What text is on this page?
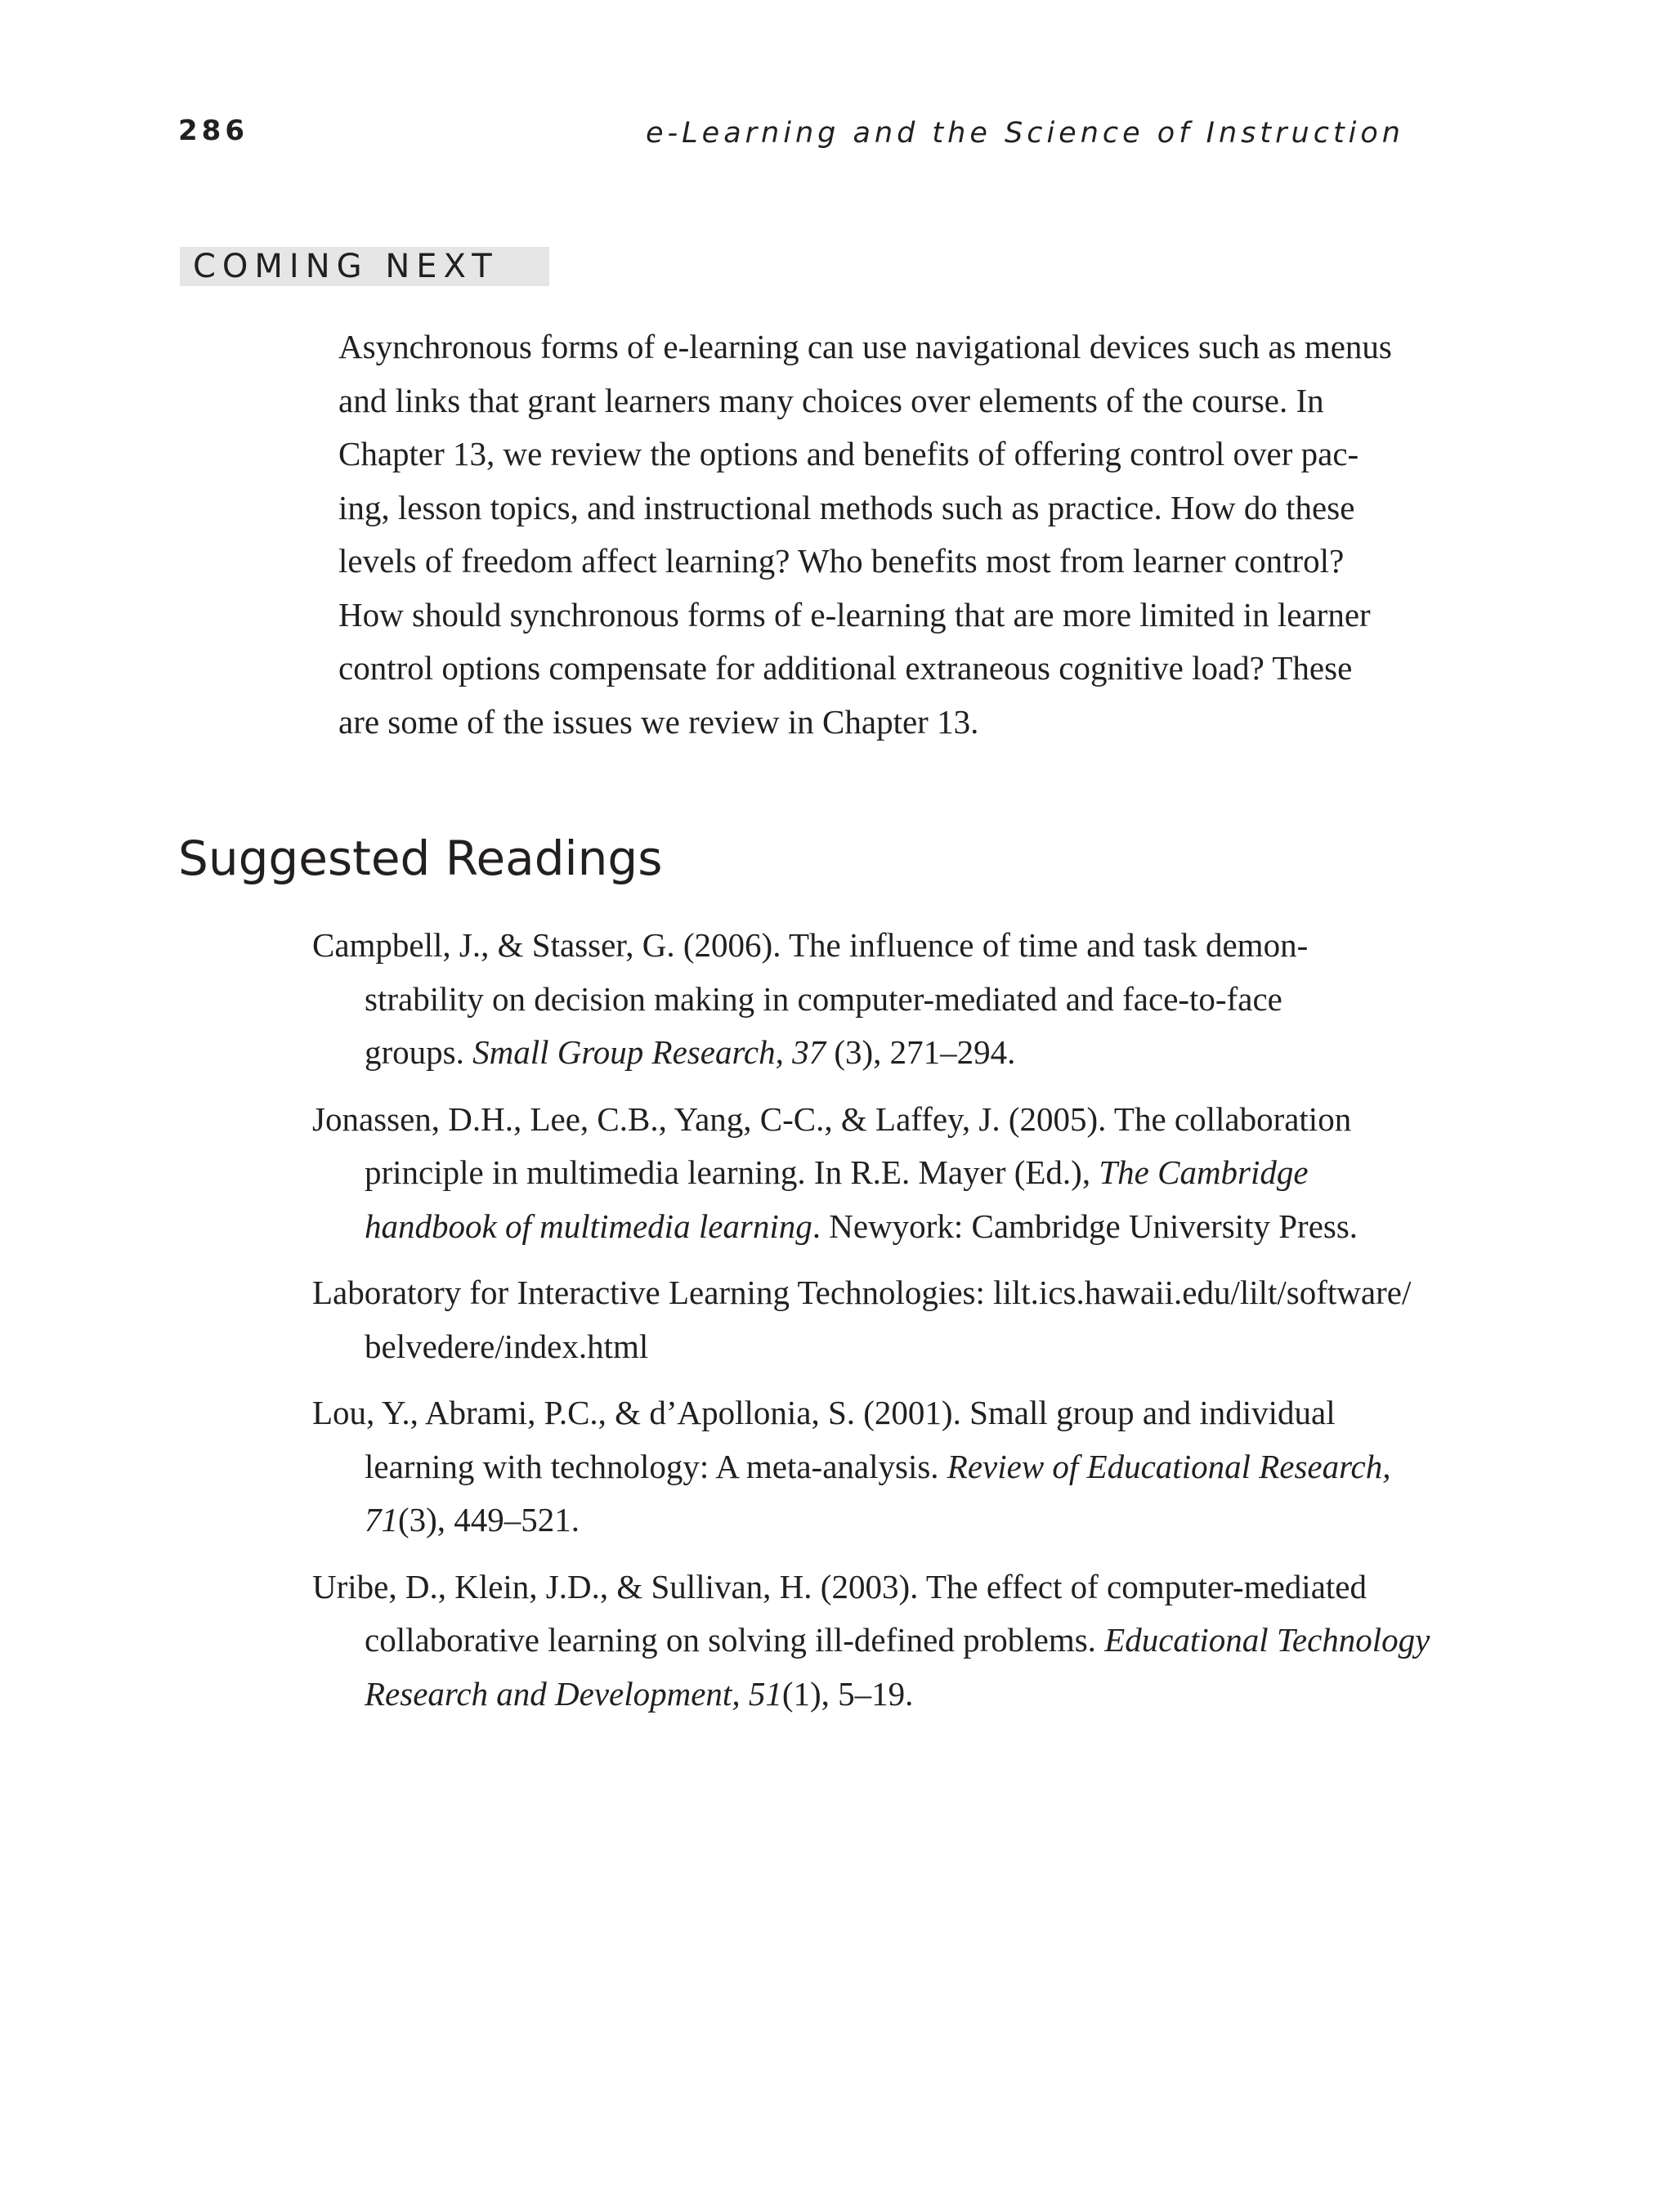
286	e-Learning and the Science of Instruction
COMING NEXT

Asynchronous forms of e-learning can use navigational devices such as menus
and links that grant learners many choices over elements of the course. In
Chapter 13, we review the options and benefits of offering control over pac-
ing, lesson topics, and instructional methods such as practice. How do these
levels of freedom affect learning? Who benefits most from learner control?
How should synchronous forms of e-learning that are more limited in learner
control options compensate for additional extraneous cognitive load? These
are some of the issues we review in Chapter 13.

Suggested Readings
Campbell, J., & Stasser, G. (2006). The influence of time and task demon-
strability on decision making in computer-mediated and face-to-face
groups. Small Group Research, 37 (3), 271–294.
Jonassen, D.H., Lee, C.B., Yang, C-C., & Laffey, J. (2005). The collaboration
principle in multimedia learning. In R.E. Mayer (Ed.), The Cambridge
handbook of multimedia learning. Newyork: Cambridge University Press.
Laboratory for Interactive Learning Technologies: lilt.ics.hawaii.edu/lilt/software/
belvedere/index.html
Lou, Y., Abrami, P.C., & d’Apollonia, S. (2001). Small group and individual
learning with technology: A meta-analysis. Review of Educational Research,
71(3), 449–521.
Uribe, D., Klein, J.D., & Sullivan, H. (2003). The effect of computer-mediated
collaborative learning on solving ill-defined problems. Educational Technology
Research and Development, 51(1), 5–19.
